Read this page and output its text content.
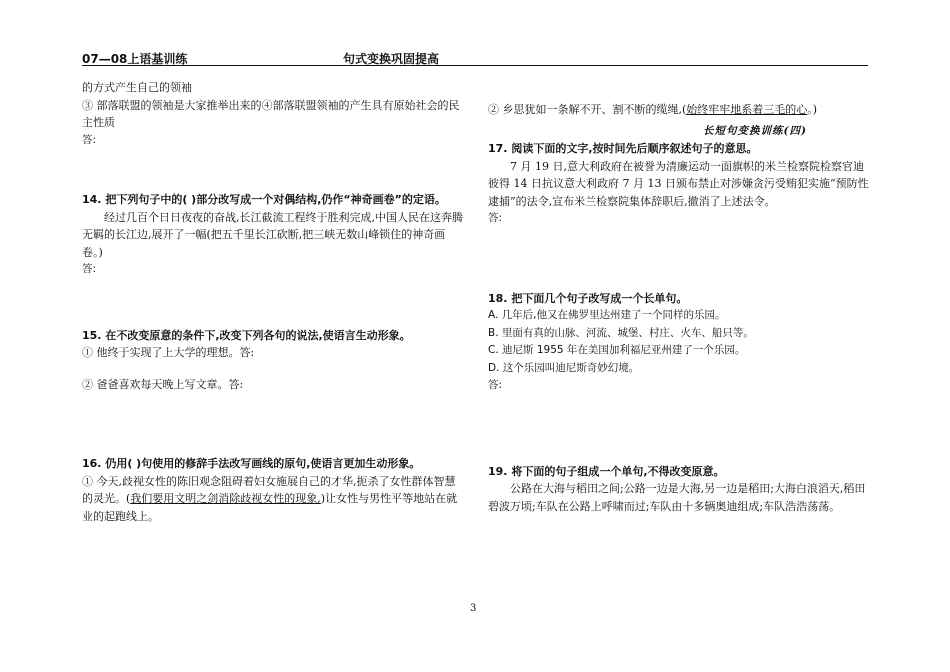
07—08上语基训练	句式变换巩固提高

的方式产生自己的领袖

③ 部落联盟的领袖是大家推举出来的④部落联盟领袖的产生具有原始社会的民主性质

答:

14. 把下列句子中的( )部分改写成一个对偶结构,仍作“神奇画卷”的定语。

经过几百个日日夜夜的奋战,长江截流工程终于胜利完成,中国人民在这奔腾无羁的长江边,展开了一幅(把五千里长江砍断,把三峡无数山峰锁住的神奇画卷。)

答:

15. 在不改变原意的条件下,改变下列各句的说法,使语言生动形象。

① 他终于实现了上大学的理想。答:

② 爸爸喜欢每天晚上写文章。答:

16. 仍用( )句使用的修辞手法改写画线的原句,使语言更加生动形象。

① 今天,歧视女性的陈旧观念阻碍着妇女施展自己的才华,扼杀了女性群体智慧的灵光。(我们要用文明之剑消除歧视女性的现象,)让女性与男性平等地站在就业的起跑线上。

② 乡思犹如一条解不开、割不断的缆绳,(始终牢牢地系着三毛的心。)

长短句变换训练(四)

17. 阅读下面的文字,按时间先后顺序叙述句子的意思。

7 月 19 日,意大利政府在被誉为清廉运动一面旗帜的米兰检察院检察官迪彼得 14 日抗议意大利政府 7 月 13 日颁布禁止对涉嫌贪污受贿犯实施“预防性逮捕”的法令,宣布米兰检察院集体辞职后,撤消了上述法令。

答:

18. 把下面几个句子改写成一个长单句。

A. 几年后,他又在佛罗里达州建了一个同样的乐园。

B. 里面有真的山脉、河流、城堡、村庄、火车、船只等。

C. 迪尼斯 1955 年在美国加利福尼亚州建了一个乐园。

D. 这个乐园叫迪尼斯奇妙幻境。

答:

19. 将下面的句子组成一个单句,不得改变原意。

公路在大海与稻田之间;公路一边是大海,另一边是稻田;大海白浪滔天,稻田碧波万顷;车队在公路上呼啸而过;车队由十多辆奥迪组成;车队浩浩荡荡。

3
